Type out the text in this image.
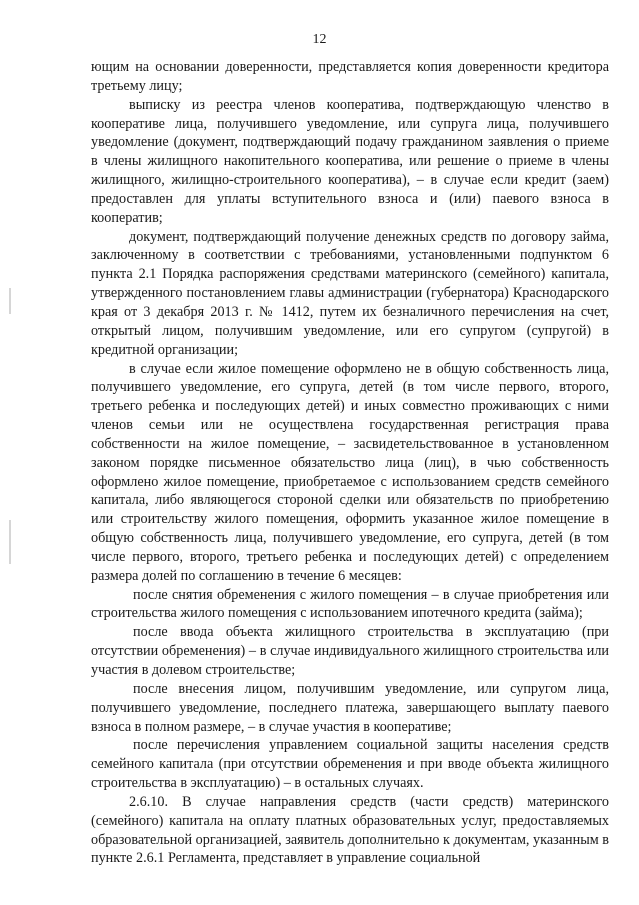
12

ющим на основании доверенности, представляется копия доверенности кредитора третьему лицу;

выписку из реестра членов кооператива, подтверждающую членство в кооперативе лица, получившего уведомление, или супруга лица, получившего уведомление (документ, подтверждающий подачу гражданином заявления о приеме в члены жилищного накопительного кооператива, или решение о приеме в члены жилищного, жилищно-строительного кооператива), – в случае если кредит (заем) предоставлен для уплаты вступительного взноса и (или) паевого взноса в кооператив;

документ, подтверждающий получение денежных средств по договору займа, заключенному в соответствии с требованиями, установленными подпунктом 6 пункта 2.1 Порядка распоряжения средствами материнского (семейного) капитала, утвержденного постановлением главы администрации (губернатора) Краснодарского края от 3 декабря 2013 г. № 1412, путем их безналичного перечисления на счет, открытый лицом, получившим уведомление, или его супругом (супругой) в кредитной организации;

в случае если жилое помещение оформлено не в общую собственность лица, получившего уведомление, его супруга, детей (в том числе первого, второго, третьего ребенка и последующих детей) и иных совместно проживающих с ними членов семьи или не осуществлена государственная регистрация права собственности на жилое помещение, – засвидетельствованное в установленном законом порядке письменное обязательство лица (лиц), в чью собственность оформлено жилое помещение, приобретаемое с использованием средств семейного капитала, либо являющегося стороной сделки или обязательств по приобретению или строительству жилого помещения, оформить указанное жилое помещение в общую собственность лица, получившего уведомление, его супруга, детей (в том числе первого, второго, третьего ребенка и последующих детей) с определением размера долей по соглашению в течение 6 месяцев:

после снятия обременения с жилого помещения – в случае приобретения или строительства жилого помещения с использованием ипотечного кредита (займа);

после ввода объекта жилищного строительства в эксплуатацию (при отсутствии обременения) – в случае индивидуального жилищного строительства или участия в долевом строительстве;

после внесения лицом, получившим уведомление, или супругом лица, получившего уведомление, последнего платежа, завершающего выплату паевого взноса в полном размере, – в случае участия в кооперативе;

после перечисления управлением социальной защиты населения средств семейного капитала (при отсутствии обременения и при вводе объекта жилищного строительства в эксплуатацию) – в остальных случаях.

2.6.10. В случае направления средств (части средств) материнского (семейного) капитала на оплату платных образовательных услуг, предоставляемых образовательной организацией, заявитель дополнительно к документам, указанным в пункте 2.6.1 Регламента, представляет в управление социальной
